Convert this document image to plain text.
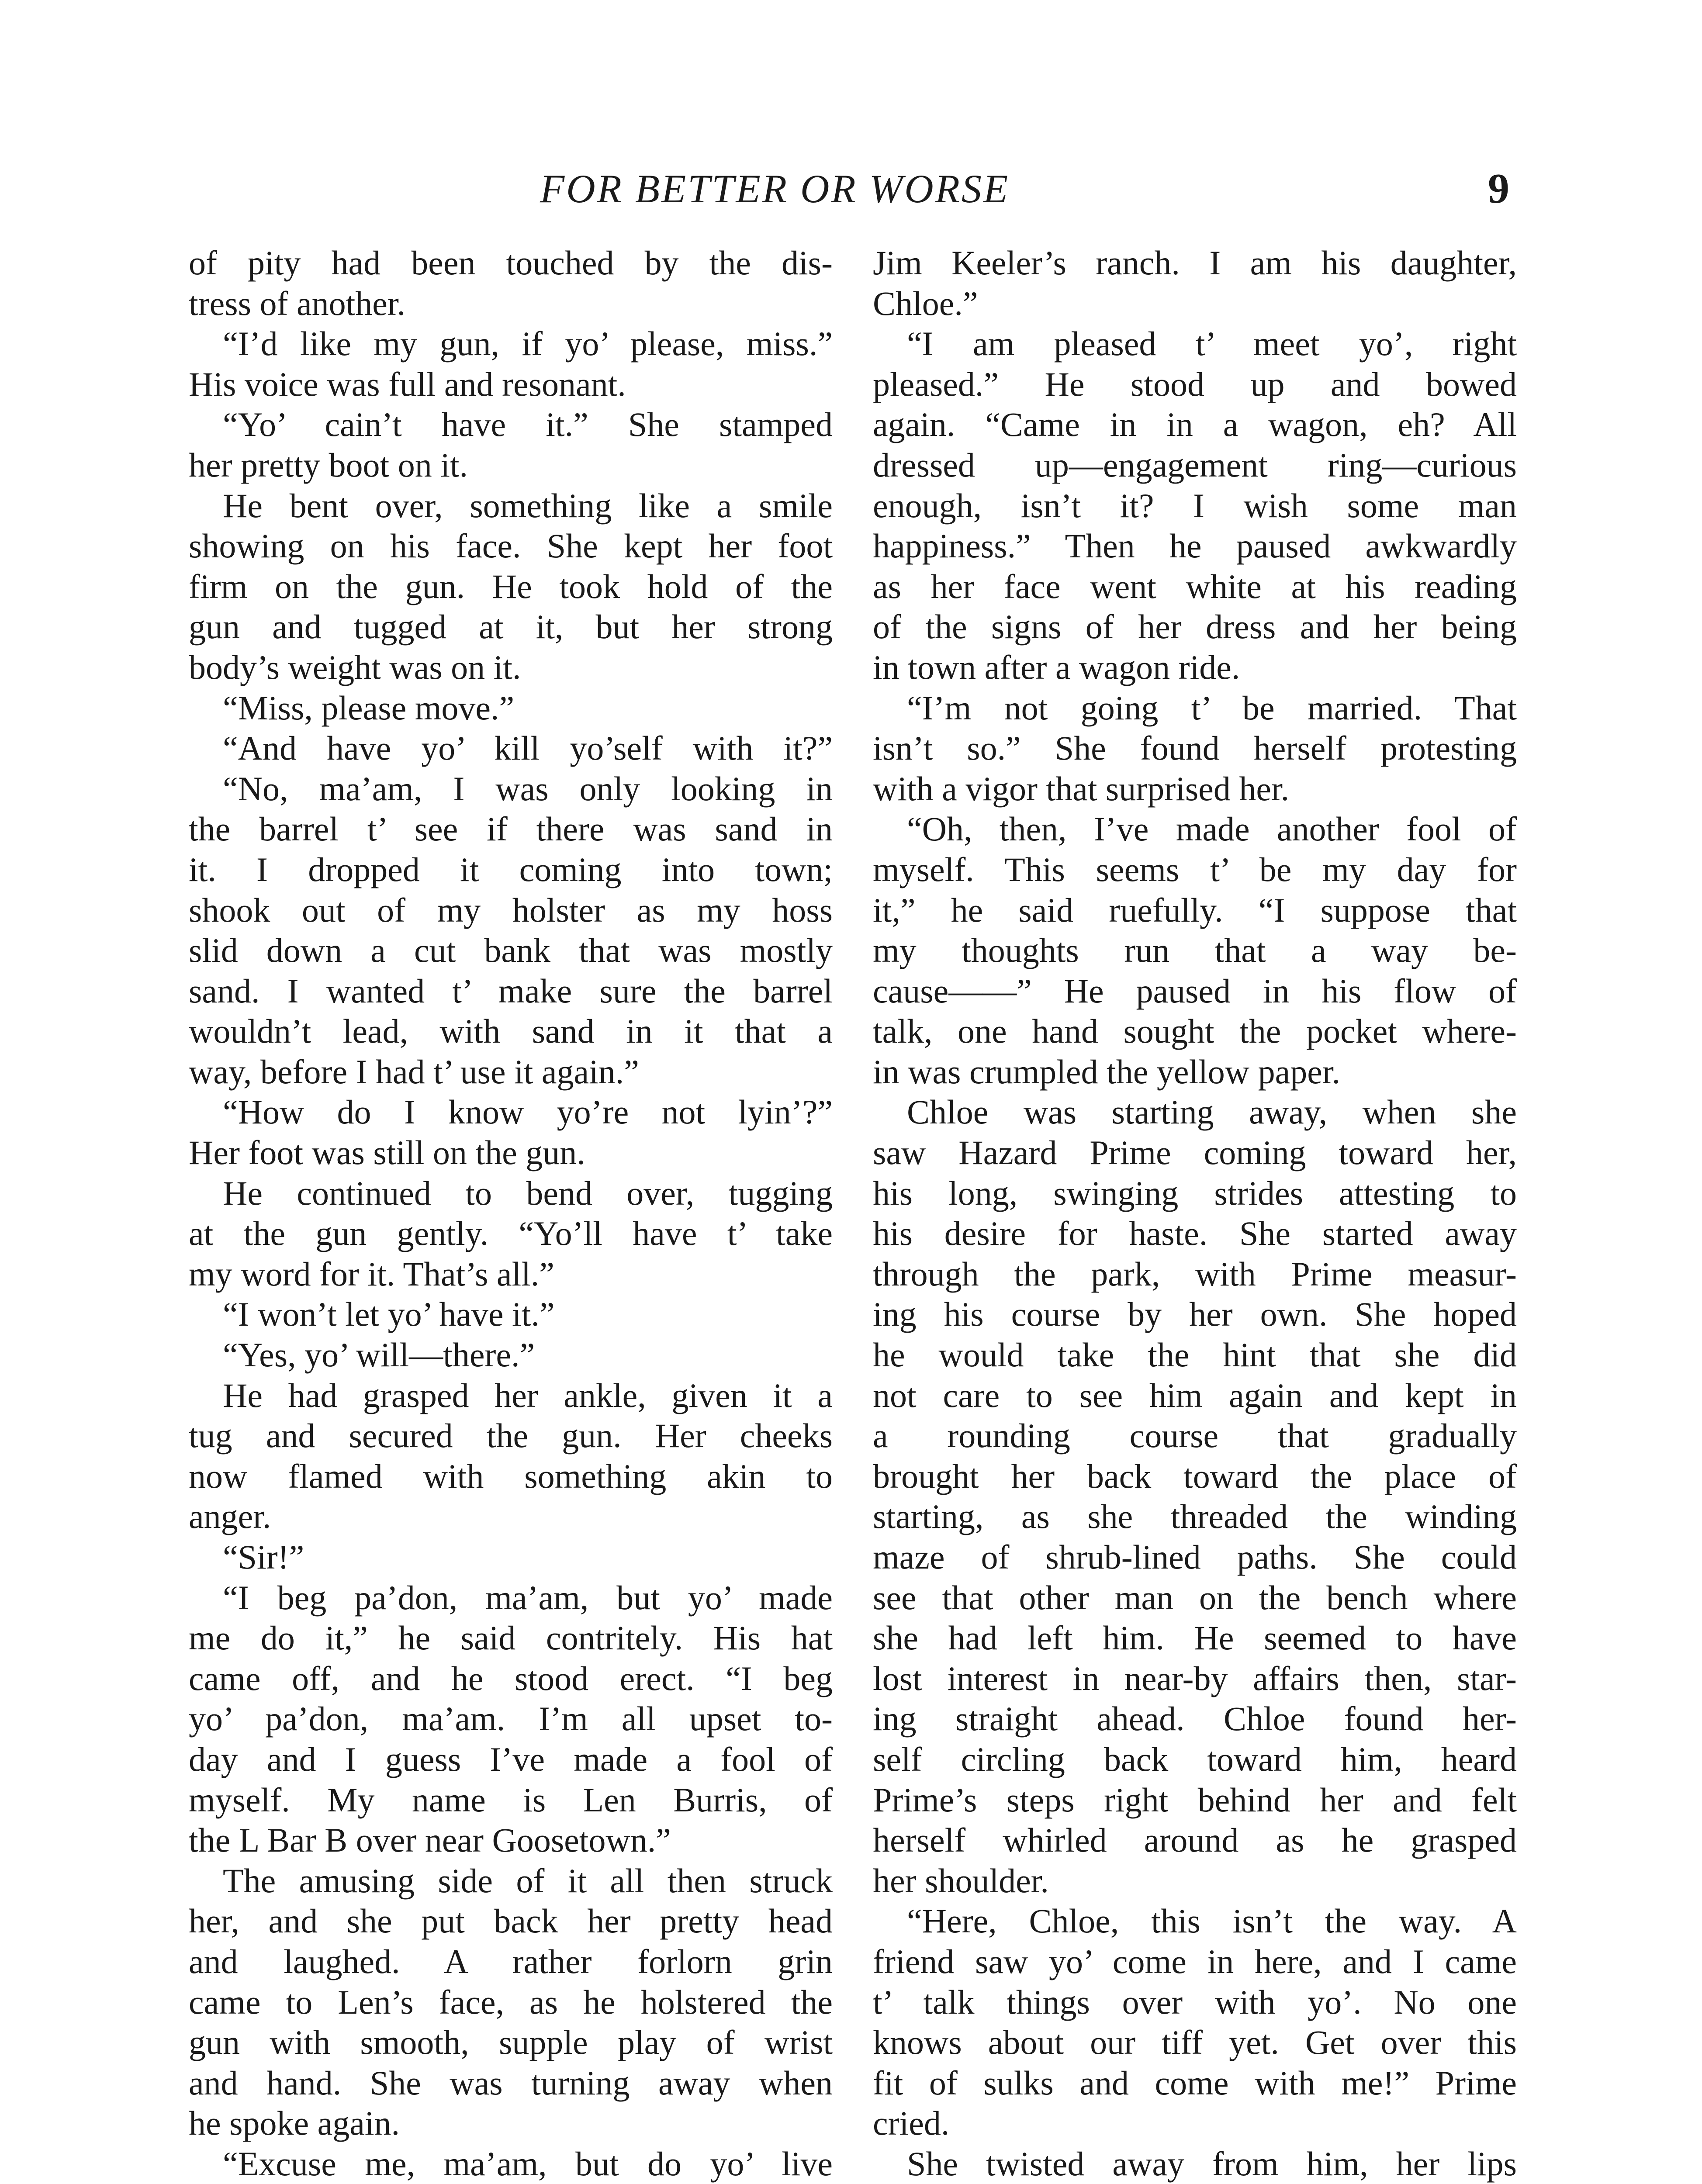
FOR BETTER OR WORSE	9
of pity had been touched by the dis-
tress of another.
“I’d like my gun, if yo’ please, miss.”
His voice was full and resonant.
“Yo’ cain’t have it.” She stamped
her pretty boot on it.
He bent over, something like a smile
showing on his face. She kept her foot
firm on the gun. He took hold of the
gun and tugged at it, but her strong
body’s weight was on it.
“Miss, please move.”
“And have yo’ kill yo’self with it?”
“No, ma’am, I was only looking in
the barrel t’ see if there was sand in
it. I dropped it coming into town;
shook out of my holster as my hoss
slid down a cut bank that was mostly
sand. I wanted t’ make sure the barrel
wouldn’t lead, with sand in it that a
way, before I had t’ use it again.”
“How do I know yo’re not lyin’?”
Her foot was still on the gun.
He continued to bend over, tugging
at the gun gently. “Yo’ll have t’ take
my word for it. That’s all.”
“I won’t let yo’ have it.”
“Yes, yo’ will—there.”
He had grasped her ankle, given it a
tug and secured the gun. Her cheeks
now flamed with something akin to
anger.
“Sir!”
“I beg pa’don, ma’am, but yo’ made
me do it,” he said contritely. His hat
came off, and he stood erect. “I beg
yo’ pa’don, ma’am. I’m all upset to-
day and I guess I’ve made a fool of
myself. My name is Len Burris, of
the L Bar B over near Goosetown.”
The amusing side of it all then struck
her, and she put back her pretty head
and laughed. A rather forlorn grin
came to Len’s face, as he holstered the
gun with smooth, supple play of wrist
and hand. She was turning away when
he spoke again.
“Excuse me, ma’am, but do yo’ live
Jim Keeler’s ranch. I am his daughter,
Chloe.”
“I am pleased t’ meet yo’, right
pleased.” He stood up and bowed
again. “Came in in a wagon, eh? All
dressed up—engagement ring—curious
enough, isn’t it? I wish some man
happiness.” Then he paused awkwardly
as her face went white at his reading
of the signs of her dress and her being
in town after a wagon ride.
“I’m not going t’ be married. That
isn’t so.” She found herself protesting
with a vigor that surprised her.
“Oh, then, I’ve made another fool of
myself. This seems t’ be my day for
it,” he said ruefully. “I suppose that
my thoughts run that a way be-
cause——” He paused in his flow of
talk, one hand sought the pocket where-
in was crumpled the yellow paper.
Chloe was starting away, when she
saw Hazard Prime coming toward her,
his long, swinging strides attesting to
his desire for haste. She started away
through the park, with Prime measur-
ing his course by her own. She hoped
he would take the hint that she did
not care to see him again and kept in
a rounding course that gradually
brought her back toward the place of
starting, as she threaded the winding
maze of shrub-lined paths. She could
see that other man on the bench where
she had left him. He seemed to have
lost interest in near-by affairs then, star-
ing straight ahead. Chloe found her-
self circling back toward him, heard
Prime’s steps right behind her and felt
herself whirled around as he grasped
her shoulder.
“Here, Chloe, this isn’t the way. A
friend saw yo’ come in here, and I came
t’ talk things over with yo’. No one
knows about our tiff yet. Get over this
fit of sulks and come with me!” Prime
cried.
She twisted away from him, her lips
